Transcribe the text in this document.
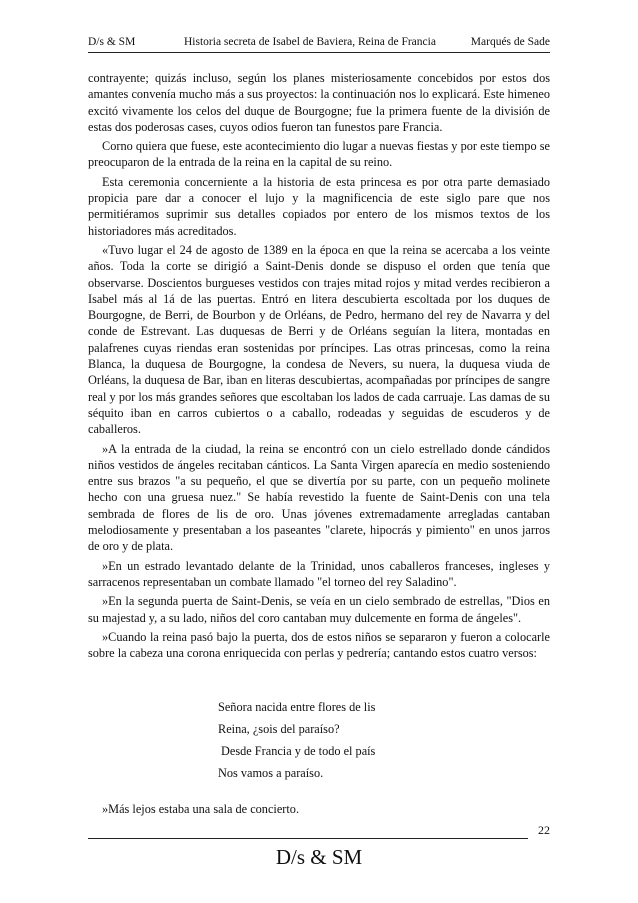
D/s & SM	Historia secreta de Isabel de Baviera, Reina de Francia	Marqués de Sade

contrayente; quizás incluso, según los planes misteriosamente concebidos por estos dos amantes convenía mucho más a sus proyectos: la continuación nos lo explicará. Este himeneo excitó vivamente los celos del duque de Bourgogne; fue la primera fuente de la división de estas dos poderosas cases, cuyos odios fueron tan funestos pare Francia.

Corno quiera que fuese, este acontecimiento dio lugar a nuevas fiestas y por este tiempo se preocuparon de la entrada de la reina en la capital de su reino.

Esta ceremonia concerniente a la historia de esta princesa es por otra parte demasiado propicia pare dar a conocer el lujo y la magnificencia de este siglo pare que nos permitiéramos suprimir sus detalles copiados por entero de los mismos textos de los historiadores más acreditados.

«Tuvo lugar el 24 de agosto de 1389 en la época en que la reina se acercaba a los veinte años. Toda la corte se dirigió a Saint-Denis donde se dispuso el orden que tenía que observarse. Doscientos burgueses vestidos con trajes mitad rojos y mitad verdes recibieron a Isabel más al 1á de las puertas. Entró en litera descubierta escoltada por los duques de Bourgogne, de Berri, de Bourbon y de Orléans, de Pedro, hermano del rey de Navarra y del conde de Estrevant. Las duquesas de Berri y de Orléans seguían la litera, montadas en palafrenes cuyas riendas eran sostenidas por príncipes. Las otras princesas, como la reina Blanca, la duquesa de Bourgogne, la condesa de Nevers, su nuera, la duquesa viuda de Orléans, la duquesa de Bar, iban en literas descubiertas, acompañadas por príncipes de sangre real y por los más grandes señores que escoltaban los lados de cada carruaje. Las damas de su séquito iban en carros cubiertos o a caballo, rodeadas y seguidas de escuderos y de caballeros.

»A la entrada de la ciudad, la reina se encontró con un cielo estrellado donde cándidos niños vestidos de ángeles recitaban cánticos. La Santa Virgen aparecía en medio sosteniendo entre sus brazos "a su pequeño, el que se divertía por su parte, con un pequeño molinete hecho con una gruesa nuez." Se había revestido la fuente de Saint-Denis con una tela sembrada de flores de lis de oro. Unas jóvenes extremadamente arregladas cantaban melodiosamente y presentaban a los paseantes "clarete, hipocrás y pimiento" en unos jarros de oro y de plata.

»En un estrado levantado delante de la Trinidad, unos caballeros franceses, ingleses y sarracenos representaban un combate llamado "el torneo del rey Saladino".

»En la segunda puerta de Saint-Denis, se veía en un cielo sembrado de estrellas, "Dios en su majestad y, a su lado, niños del coro cantaban muy dulcemente en forma de ángeles".

»Cuando la reina pasó bajo la puerta, dos de estos niños se separaron y fueron a colocarle sobre la cabeza una corona enriquecida con perlas y pedrería; cantando estos cuatro versos:

Señora nacida entre flores de lis
Reina, ¿sois del paraíso?
Desde Francia y de todo el país
Nos vamos a paraíso.
»Más lejos estaba una sala de concierto.
22
D/s & SM
